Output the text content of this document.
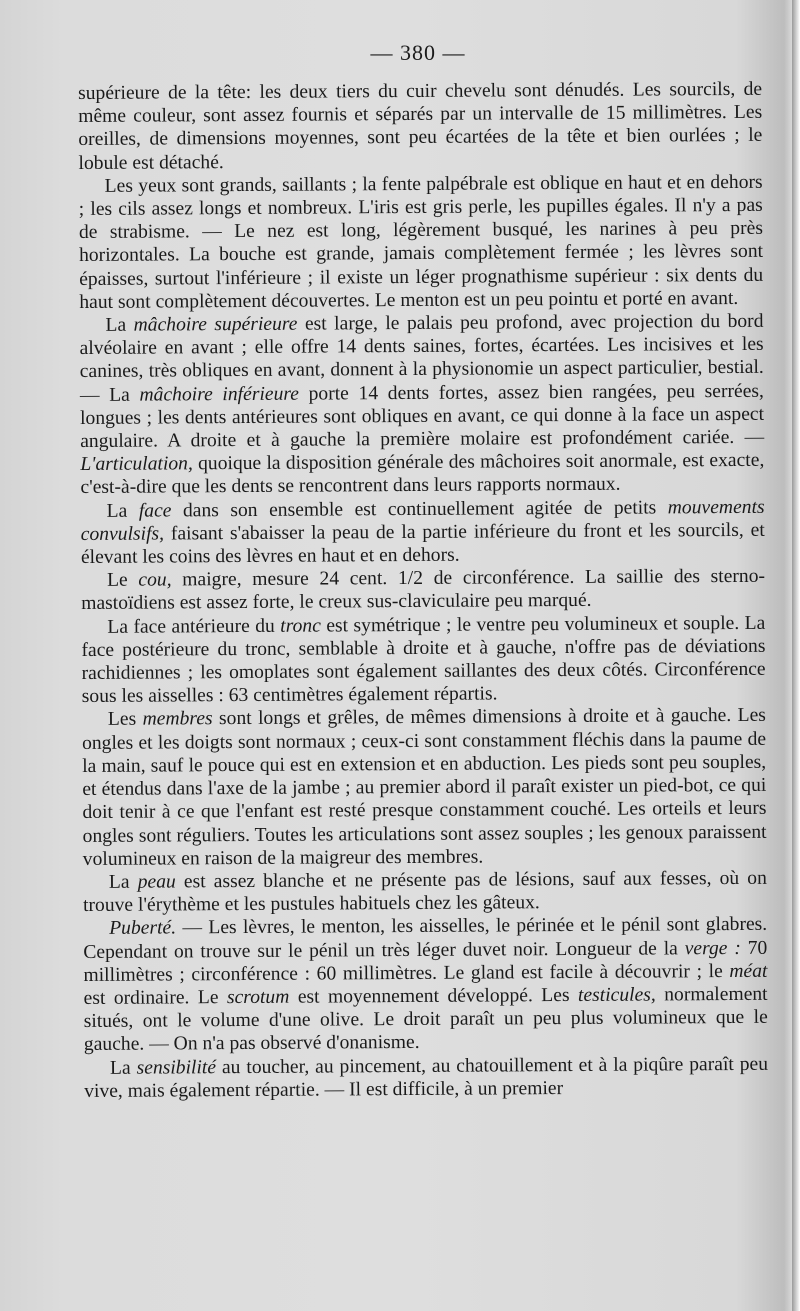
— 380 —

supérieure de la tête: les deux tiers du cuir chevelu sont dénudés. Les sourcils, de même couleur, sont assez fournis et séparés par un intervalle de 15 millimètres. Les oreilles, de dimensions moyennes, sont peu écartées de la tête et bien ourlées ; le lobule est détaché.

Les yeux sont grands, saillants ; la fente palpébrale est oblique en haut et en dehors ; les cils assez longs et nombreux. L'iris est gris perle, les pupilles égales. Il n'y a pas de strabisme. — Le nez est long, légèrement busqué, les narines à peu près horizontales. La bouche est grande, jamais complètement fermée ; les lèvres sont épaisses, surtout l'inférieure ; il existe un léger prognathisme supérieur : six dents du haut sont complètement découvertes. Le menton est un peu pointu et porté en avant.

La mâchoire supérieure est large, le palais peu profond, avec projection du bord alvéolaire en avant ; elle offre 14 dents saines, fortes, écartées. Les incisives et les canines, très obliques en avant, donnent à la physionomie un aspect particulier, bestial. — La mâchoire inférieure porte 14 dents fortes, assez bien rangées, peu serrées, longues ; les dents antérieures sont obliques en avant, ce qui donne à la face un aspect angulaire. A droite et à gauche la première molaire est profondément cariée. — L'articulation, quoique la disposition générale des mâchoires soit anormale, est exacte, c'est-à-dire que les dents se rencontrent dans leurs rapports normaux.

La face dans son ensemble est continuellement agitée de petits mouvements convulsifs, faisant s'abaisser la peau de la partie inférieure du front et les sourcils, et élevant les coins des lèvres en haut et en dehors.

Le cou, maigre, mesure 24 cent. 1/2 de circonférence. La saillie des sterno-mastoïdiens est assez forte, le creux sus-claviculaire peu marqué.

La face antérieure du tronc est symétrique ; le ventre peu volumineux et souple. La face postérieure du tronc, semblable à droite et à gauche, n'offre pas de déviations rachidiennes ; les omoplates sont également saillantes des deux côtés. Circonférence sous les aisselles : 63 centimètres également répartis.

Les membres sont longs et grêles, de mêmes dimensions à droite et à gauche. Les ongles et les doigts sont normaux ; ceux-ci sont constamment fléchis dans la paume de la main, sauf le pouce qui est en extension et en abduction. Les pieds sont peu souples, et étendus dans l'axe de la jambe ; au premier abord il paraît exister un pied-bot, ce qui doit tenir à ce que l'enfant est resté presque constamment couché. Les orteils et leurs ongles sont réguliers. Toutes les articulations sont assez souples ; les genoux paraissent volumineux en raison de la maigreur des membres.

La peau est assez blanche et ne présente pas de lésions, sauf aux fesses, où on trouve l'érythème et les pustules habituels chez les gâteux.

Puberté. — Les lèvres, le menton, les aisselles, le périnée et le pénil sont glabres. Cependant on trouve sur le pénil un très léger duvet noir. Longueur de la verge : 70 millimètres ; circonférence : 60 millimètres. Le gland est facile à découvrir ; le méat est ordinaire. Le scrotum est moyennement développé. Les testicules, normalement situés, ont le volume d'une olive. Le droit paraît un peu plus volumineux que le gauche. — On n'a pas observé d'onanisme.

La sensibilité au toucher, au pincement, au chatouillement et à la piqûre paraît peu vive, mais également répartie. — Il est difficile, à un premier
